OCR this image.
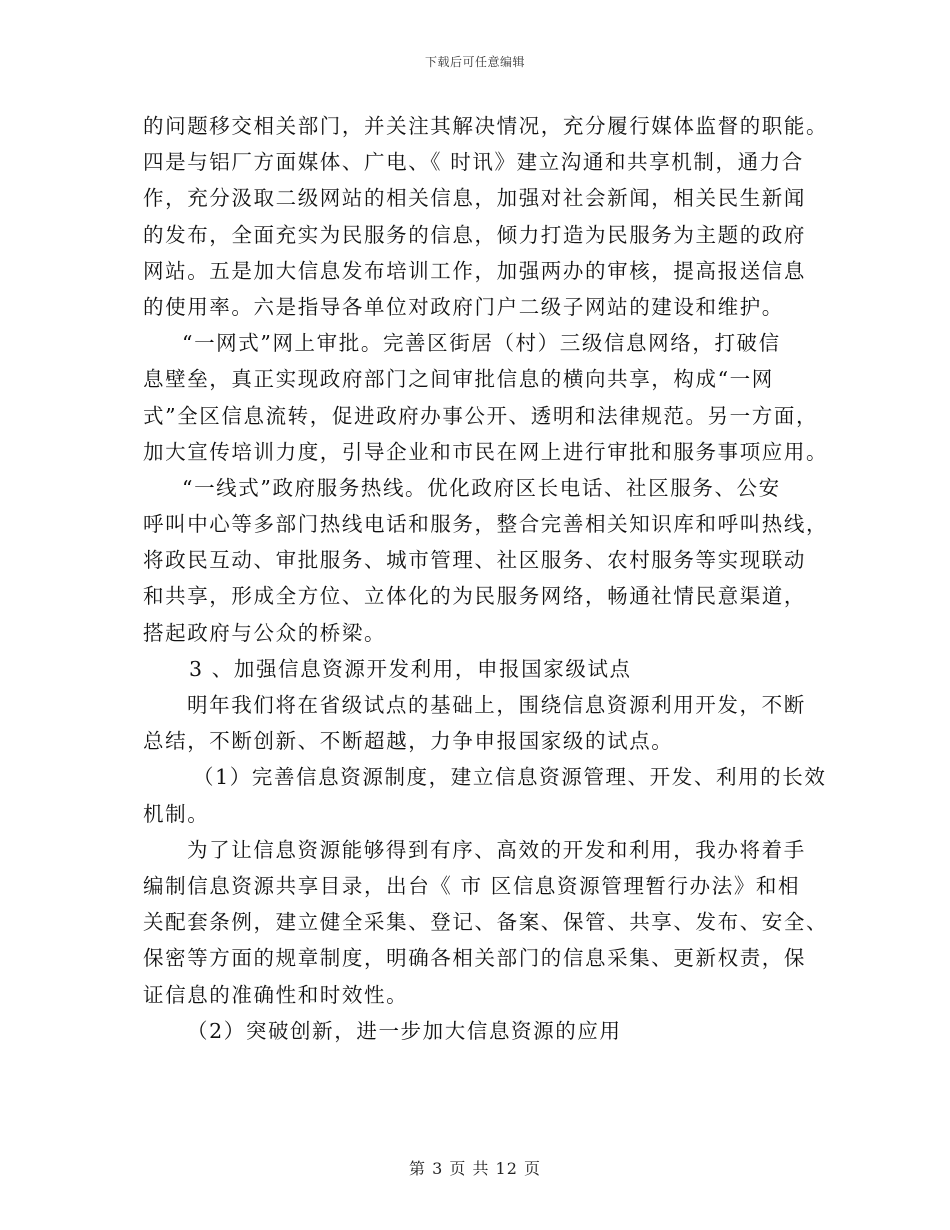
下载后可任意编辑
的问题移交相关部门，并关注其解决情况，充分履行媒体监督的职能。
四是与铝厂方面媒体、广电、《 时讯》建立沟通和共享机制，通力合
作，充分汲取二级网站的相关信息，加强对社会新闻，相关民生新闻
的发布，全面充实为民服务的信息，倾力打造为民服务为主题的政府
网站。五是加大信息发布培训工作，加强两办的审核，提高报送信息
的使用率。六是指导各单位对政府门户二级子网站的建设和维护。
“一网式”网上审批。完善区街居（村）三级信息网络，打破信
息壁垒，真正实现政府部门之间审批信息的横向共享，构成“一网
式”全区信息流转，促进政府办事公开、透明和法律规范。另一方面，
加大宣传培训力度，引导企业和市民在网上进行审批和服务事项应用。
“一线式”政府服务热线。优化政府区长电话、社区服务、公安
呼叫中心等多部门热线电话和服务，整合完善相关知识库和呼叫热线，
将政民互动、审批服务、城市管理、社区服务、农村服务等实现联动
和共享，形成全方位、立体化的为民服务网络，畅通社情民意渠道，
搭起政府与公众的桥梁。
3 、加强信息资源开发利用，申报国家级试点
明年我们将在省级试点的基础上，围绕信息资源利用开发，不断
总结，不断创新、不断超越，力争申报国家级的试点。
（1）完善信息资源制度，建立信息资源管理、开发、利用的长效
机制。
为了让信息资源能够得到有序、高效的开发和利用，我办将着手
编制信息资源共享目录，出台《 市 区信息资源管理暂行办法》和相
关配套条例，建立健全采集、登记、备案、保管、共享、发布、安全、
保密等方面的规章制度，明确各相关部门的信息采集、更新权责，保
证信息的准确性和时效性。
（2）突破创新，进一步加大信息资源的应用
第 3 页 共 12 页
